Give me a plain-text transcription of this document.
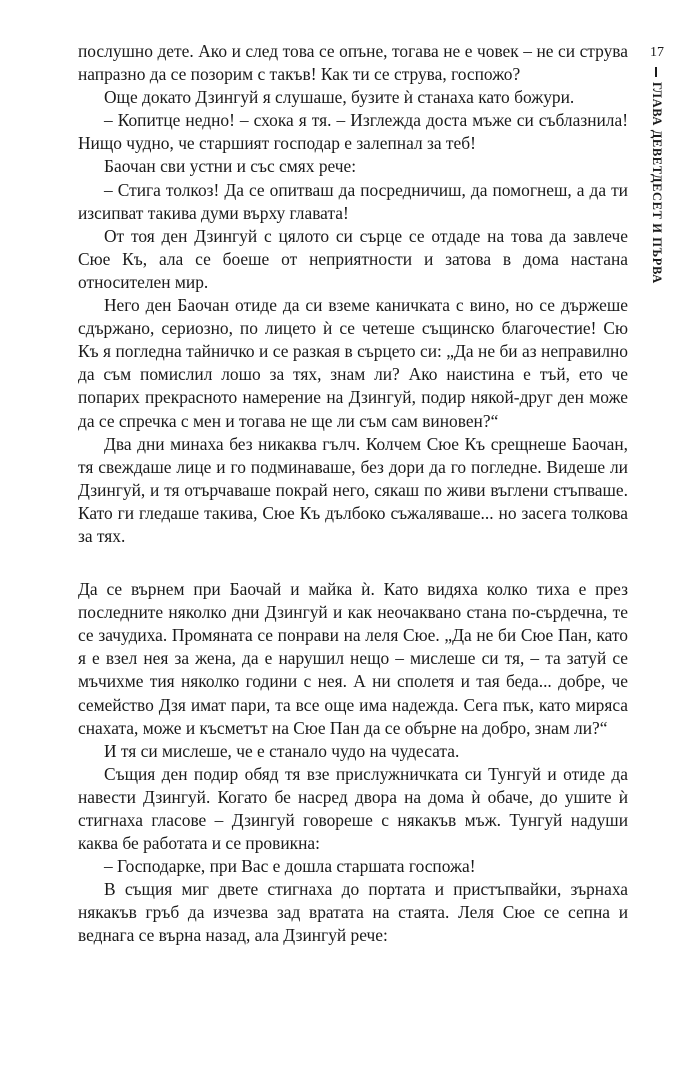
послушно дете. Ако и след това се опъне, тогава не е човек – не си струва напразно да се позорим с такъв! Как ти се струва, госпожо?

Още докато Дзингуй я слушаше, бузите ѝ станаха като божури.

– Копитце недно! – схока я тя. – Изглежда доста мъже си съблазнила! Нищо чудно, че старшият господар е залепнал за теб!

Баочан сви устни и със смях рече:

– Стига толкоз! Да се опитваш да посредничиш, да помогнеш, а да ти изсипват такива думи върху главата!

От тоя ден Дзингуй с цялото си сърце се отдаде на това да завлече Сюе Къ, ала се боеше от неприятности и затова в дома настана относителен мир.

Него ден Баочан отиде да си вземе каничката с вино, но се държеше сдържано, сериозно, по лицето ѝ се четеше същинско благочестие! Сю Къ я погледна тайничко и се разкая в сърцето си: „Да не би аз неправилно да съм помислил лошо за тях, знам ли? Ако наистина е тъй, ето че попарих прекрасното намерение на Дзингуй, подир някой-друг ден може да се спречка с мен и тогава не ще ли съм сам виновен?“

Два дни минаха без никаква гълч. Колчем Сюе Къ срещнеше Баочан, тя свеждаше лице и го подминаваше, без дори да го погледне. Видеше ли Дзингуй, и тя отърчаваше покрай него, сякаш по живи въглени стъпваше. Като ги гледаше такива, Сюе Къ дълбоко съжаляваше... но засега толкова за тях.

Да се върнем при Баочай и майка ѝ. Като видяха колко тиха е през последните няколко дни Дзингуй и как неочаквано стана по-сърдечна, те се зачудиха. Промяната се понрави на леля Сюе. „Да не би Сюе Пан, като я е взел нея за жена, да е нарушил нещо – мислеше си тя, – та затуй се мъчихме тия няколко години с нея. А ни сполетя и тая беда... добре, че семейство Дзя имат пари, та все още има надежда. Сега пък, като миряса снахата, може и късметът на Сюе Пан да се обърне на добро, знам ли?“

И тя си мислеше, че е станало чудо на чудесата.

Същия ден подир обяд тя взе прислужничката си Тунгуй и отиде да навести Дзингуй. Когато бе насред двора на дома ѝ обаче, до ушите ѝ стигнаха гласове – Дзингуй говореше с някакъв мъж. Тунгуй надуши каква бе работата и се провикна:

– Господарке, при Вас е дошла старшата госпожа!

В същия миг двете стигнаха до портата и пристъпвайки, зърнаха някакъв гръб да изчезва зад вратата на стаята. Леля Сюе се сепна и веднага се върна назад, ала Дзингуй рече:

17
ГЛАВА ДЕВЕТДЕСЕТ И ПЪРВА
